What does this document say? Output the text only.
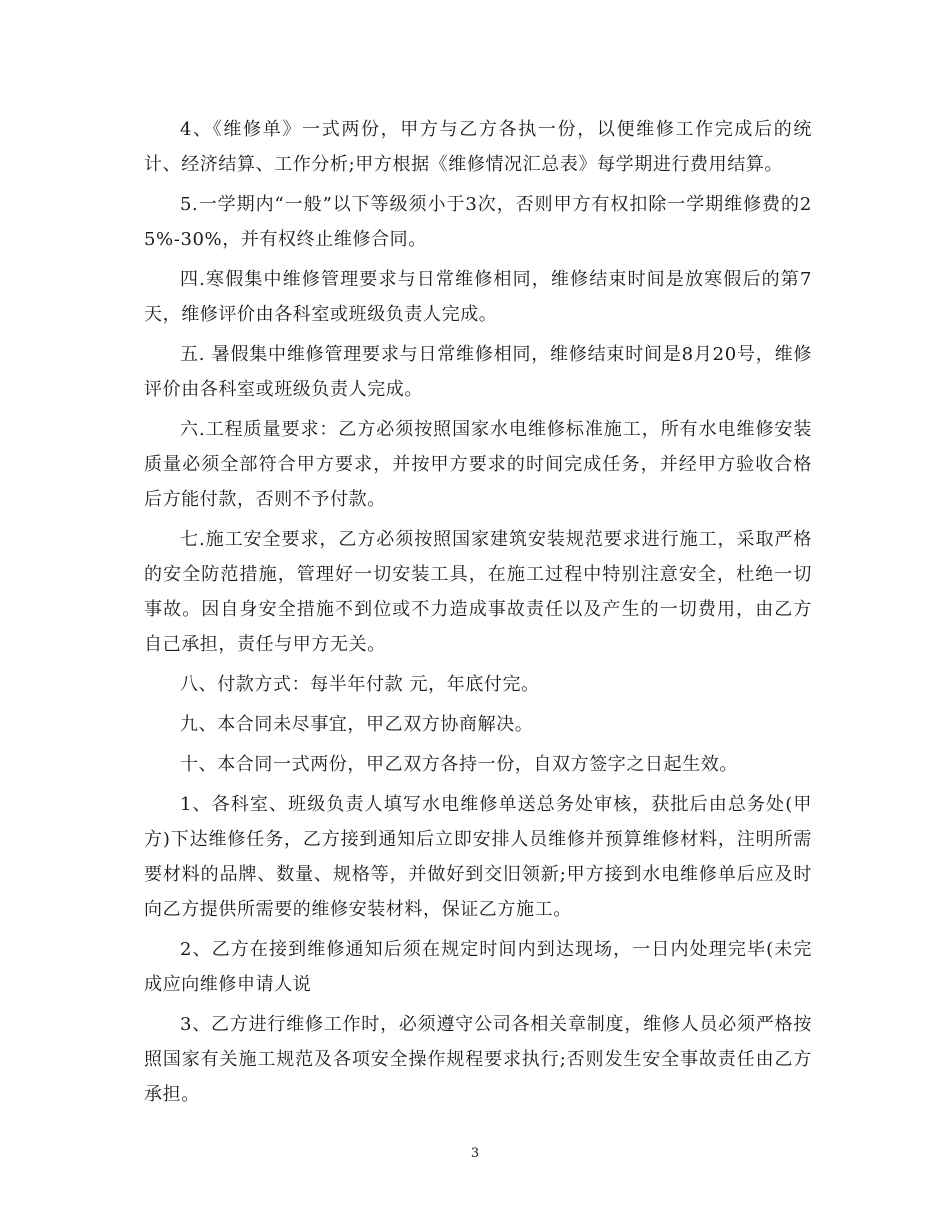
4、《维修单》一式两份，甲方与乙方各执一份，以便维修工作完成后的统计、经济结算、工作分析;甲方根据《维修情况汇总表》每学期进行费用结算。

5.一学期内“一般”以下等级须小于3次，否则甲方有权扣除一学期维修费的25%-30%，并有权终止维修合同。

四.寒假集中维修管理要求与日常维修相同，维修结束时间是放寒假后的第7天，维修评价由各科室或班级负责人完成。

五. 暑假集中维修管理要求与日常维修相同，维修结束时间是8月20号，维修评价由各科室或班级负责人完成。

六.工程质量要求：乙方必须按照国家水电维修标准施工，所有水电维修安装质量必须全部符合甲方要求，并按甲方要求的时间完成任务，并经甲方验收合格后方能付款，否则不予付款。

七.施工安全要求，乙方必须按照国家建筑安装规范要求进行施工，采取严格的安全防范措施，管理好一切安装工具，在施工过程中特别注意安全，杜绝一切事故。因自身安全措施不到位或不力造成事故责任以及产生的一切费用，由乙方自己承担，责任与甲方无关。

八、付款方式：每半年付款 元，年底付完。

九、本合同未尽事宜，甲乙双方协商解决。

十、本合同一式两份，甲乙双方各持一份，自双方签字之日起生效。

1、各科室、班级负责人填写水电维修单送总务处审核，获批后由总务处(甲方)下达维修任务，乙方接到通知后立即安排人员维修并预算维修材料，注明所需要材料的品牌、数量、规格等，并做好到交旧领新;甲方接到水电维修单后应及时向乙方提供所需要的维修安装材料，保证乙方施工。

2、乙方在接到维修通知后须在规定时间内到达现场，一日内处理完毕(未完成应向维修申请人说

3、乙方进行维修工作时，必须遵守公司各相关章制度，维修人员必须严格按照国家有关施工规范及各项安全操作规程要求执行;否则发生安全事故责任由乙方承担。

3
